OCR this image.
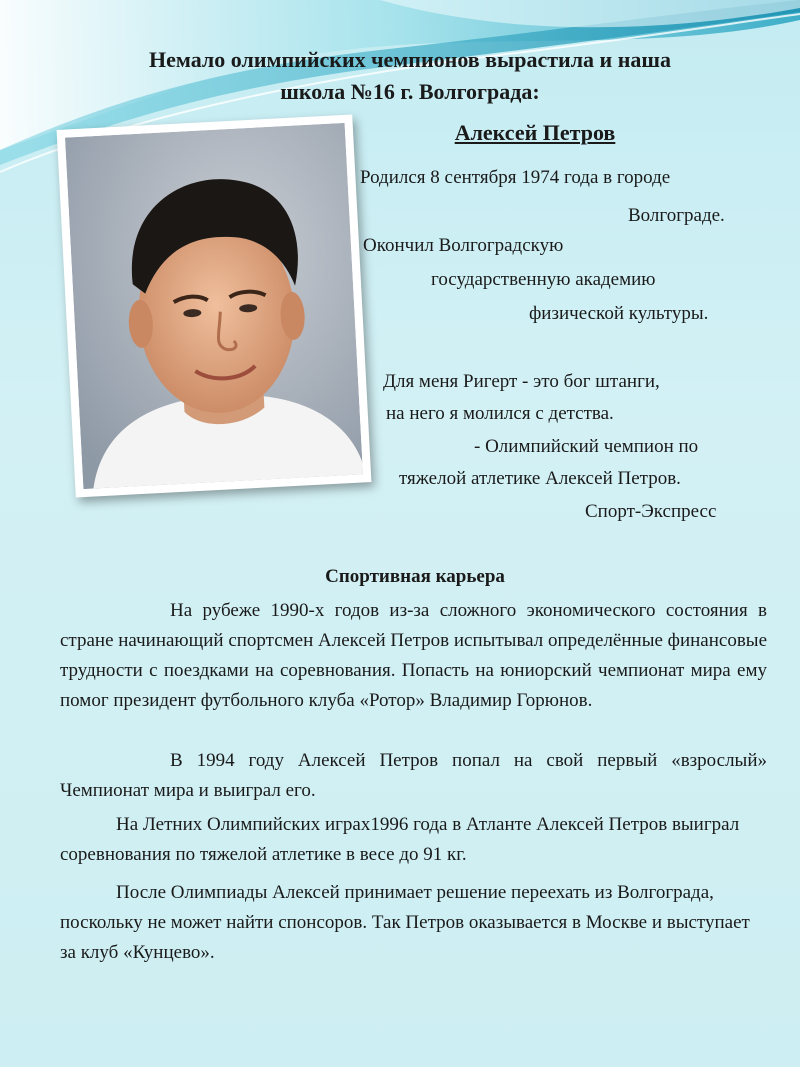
Немало олимпийских чемпионов вырастила и наша
школа №16 г. Волгограда:
Алексей Петров
Родился 8 сентября 1974 года в городе
Волгограде.
Окончил Волгоградскую
государственную академию
физической культуры.
Для меня Ригерт - это бог штанги,
на него я молился с детства.
- Олимпийский чемпион по
тяжелой атлетике Алексей Петров.
Спорт-Экспресс
Спортивная карьера

На рубеже 1990-х годов из-за сложного экономического состояния в стране начинающий спортсмен Алексей Петров испытывал определённые финансовые трудности с поездками на соревнования. Попасть на юниорский чемпионат мира ему помог президент футбольного клуба «Ротор» Владимир Горюнов.

В 1994 году Алексей Петров попал на свой первый «взрослый» Чемпионат мира и выиграл его.

На Летних Олимпийских играх1996 года в Атланте Алексей Петров выиграл соревнования по тяжелой атлетике в весе до 91 кг.

После Олимпиады Алексей принимает решение переехать из Волгограда, поскольку не может найти спонсоров. Так Петров оказывается в Москве и выступает за клуб «Кунцево».
